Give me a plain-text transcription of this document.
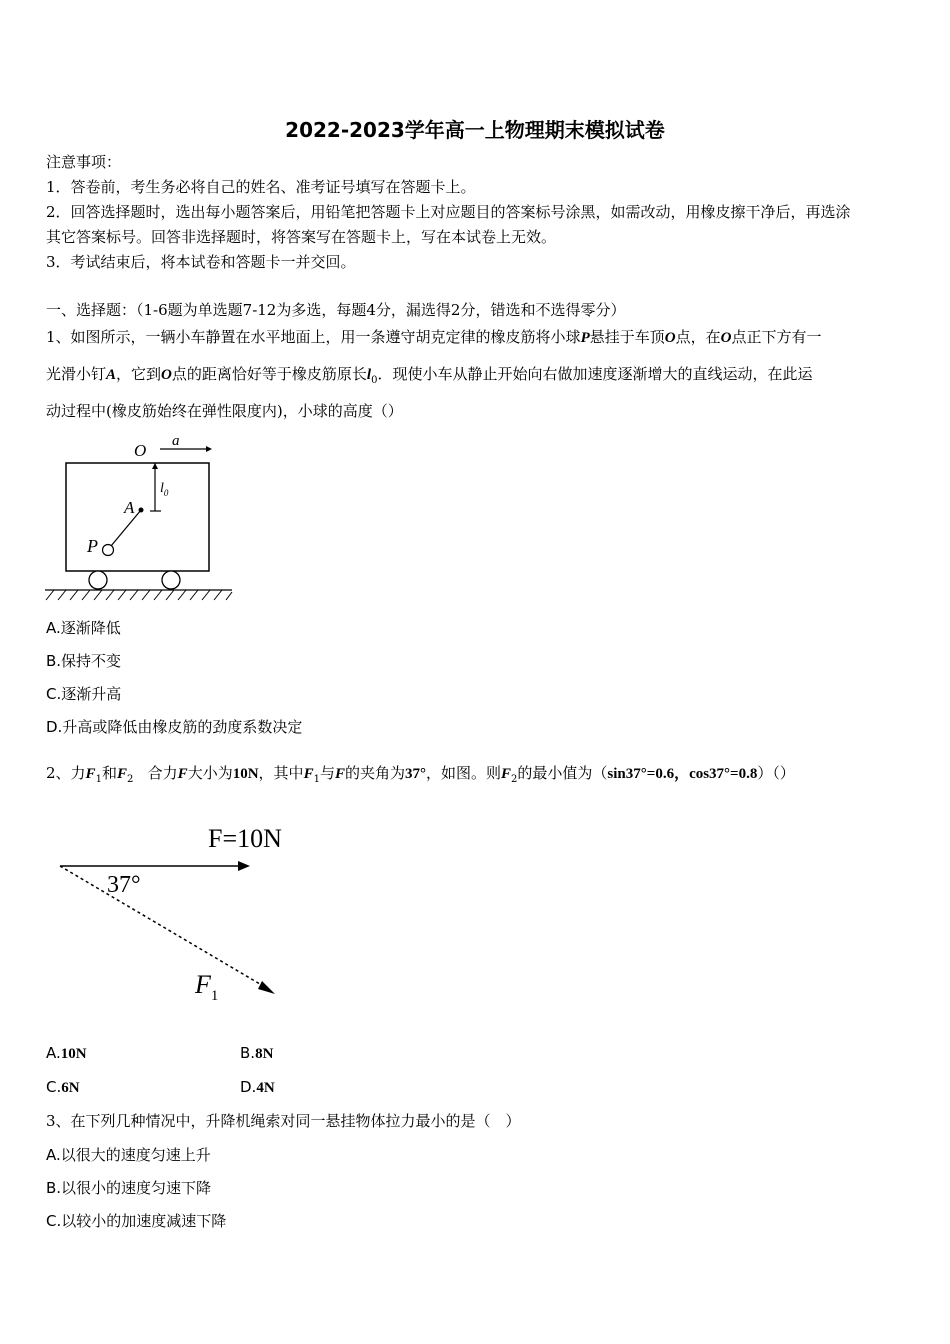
2022-2023学年高一上物理期末模拟试卷
注意事项：
1．答卷前，考生务必将自己的姓名、准考证号填写在答题卡上。
2．回答选择题时，选出每小题答案后，用铅笔把答题卡上对应题目的答案标号涂黑，如需改动，用橡皮擦干净后，再选涂
其它答案标号。回答非选择题时，将答案写在答题卡上，写在本试卷上无效。
3．考试结束后，将本试卷和答题卡一并交回。
一、选择题：（1-6题为单选题7-12为多选，每题4分，漏选得2分，错选和不选得零分）
1、如图所示，一辆小车静置在水平地面上，用一条遵守胡克定律的橡皮筋将小球P悬挂于车顶O点，在O点正下方有一
光滑小钉A，它到O点的距离恰好等于橡皮筋原长$l_0$．现使小车从静止开始向右做加速度逐渐增大的直线运动，在此运
动过程中(橡皮筋始终在弹性限度内)，小球的高度（）
O a
$l_0$
A
P
A.逐渐降低
B.保持不变
C.逐渐升高
D.升高或降低由橡皮筋的劲度系数决定
2、力$F_1$和$F_2$ 合力F大小为10N，其中$F_1$与F的夹角为37°，如图。则$F_2$的最小值为（sin37°=0.6，cos37°=0.8）（）
F=10N
37°
$F_1$
A.10N	B.8N
C.6N	D.4N
3、在下列几种情况中，升降机绳索对同一悬挂物体拉力最小的是（　）
A.以很大的速度匀速上升
B.以很小的速度匀速下降
C.以较小的加速度减速下降
